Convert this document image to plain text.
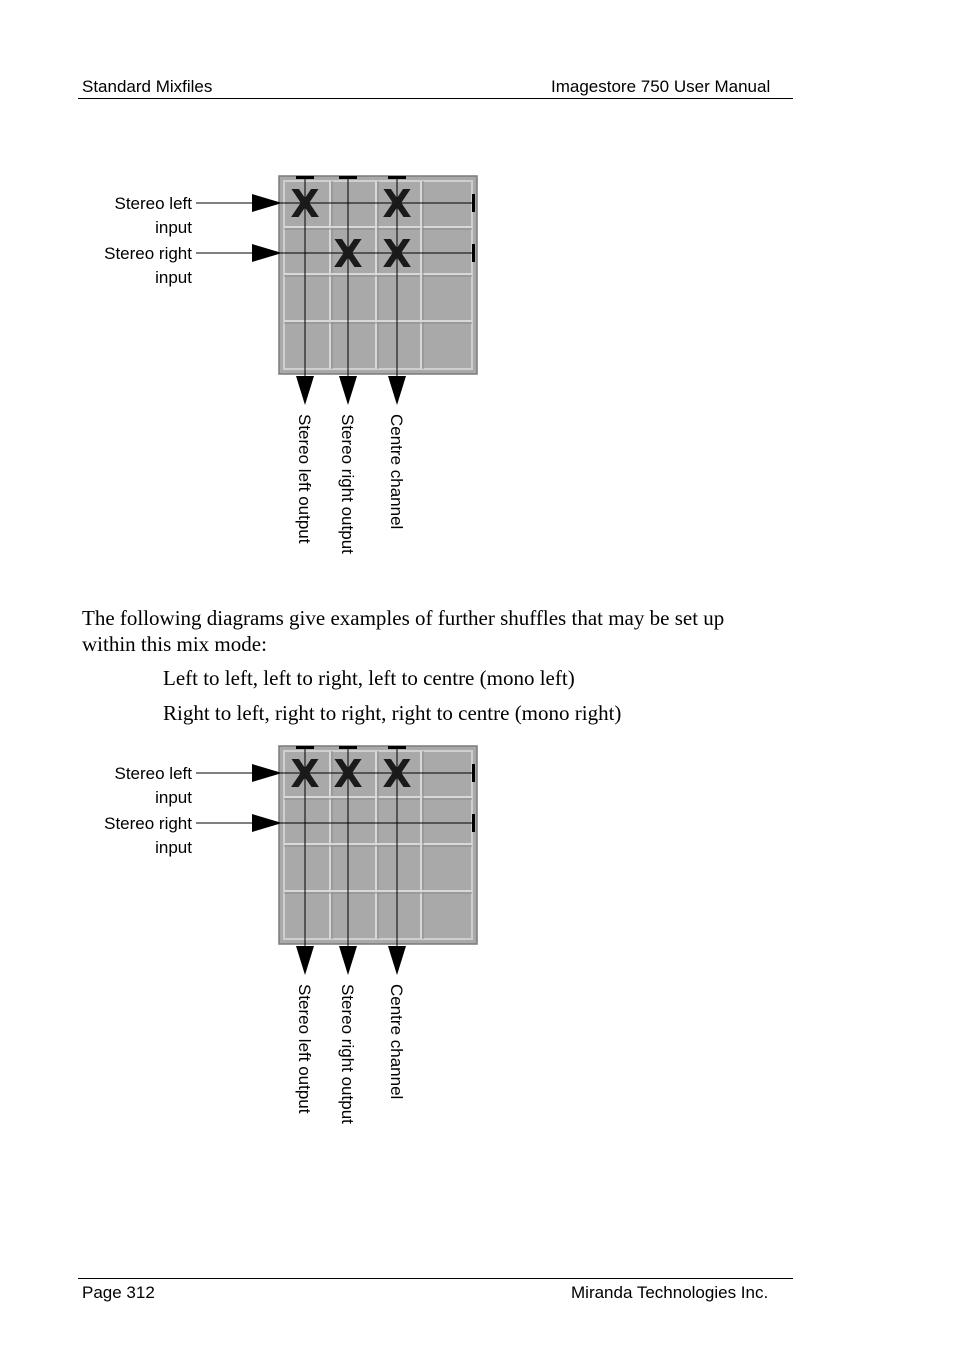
Standard Mixfiles	Imagestore 750 User Manual
Stereo left
input
Stereo right
input
Stereo left output Stereo right output Centre channel
X X
X X
The following diagrams give examples of further shuffles that may be set up
within this mix mode:
Left to left, left to right, left to centre (mono left)
Right to left, right to right, right to centre (mono right)
Stereo left
input
Stereo right
input
Stereo left output Stereo right output Centre channel
X X X
Page 312	Miranda Technologies Inc.
